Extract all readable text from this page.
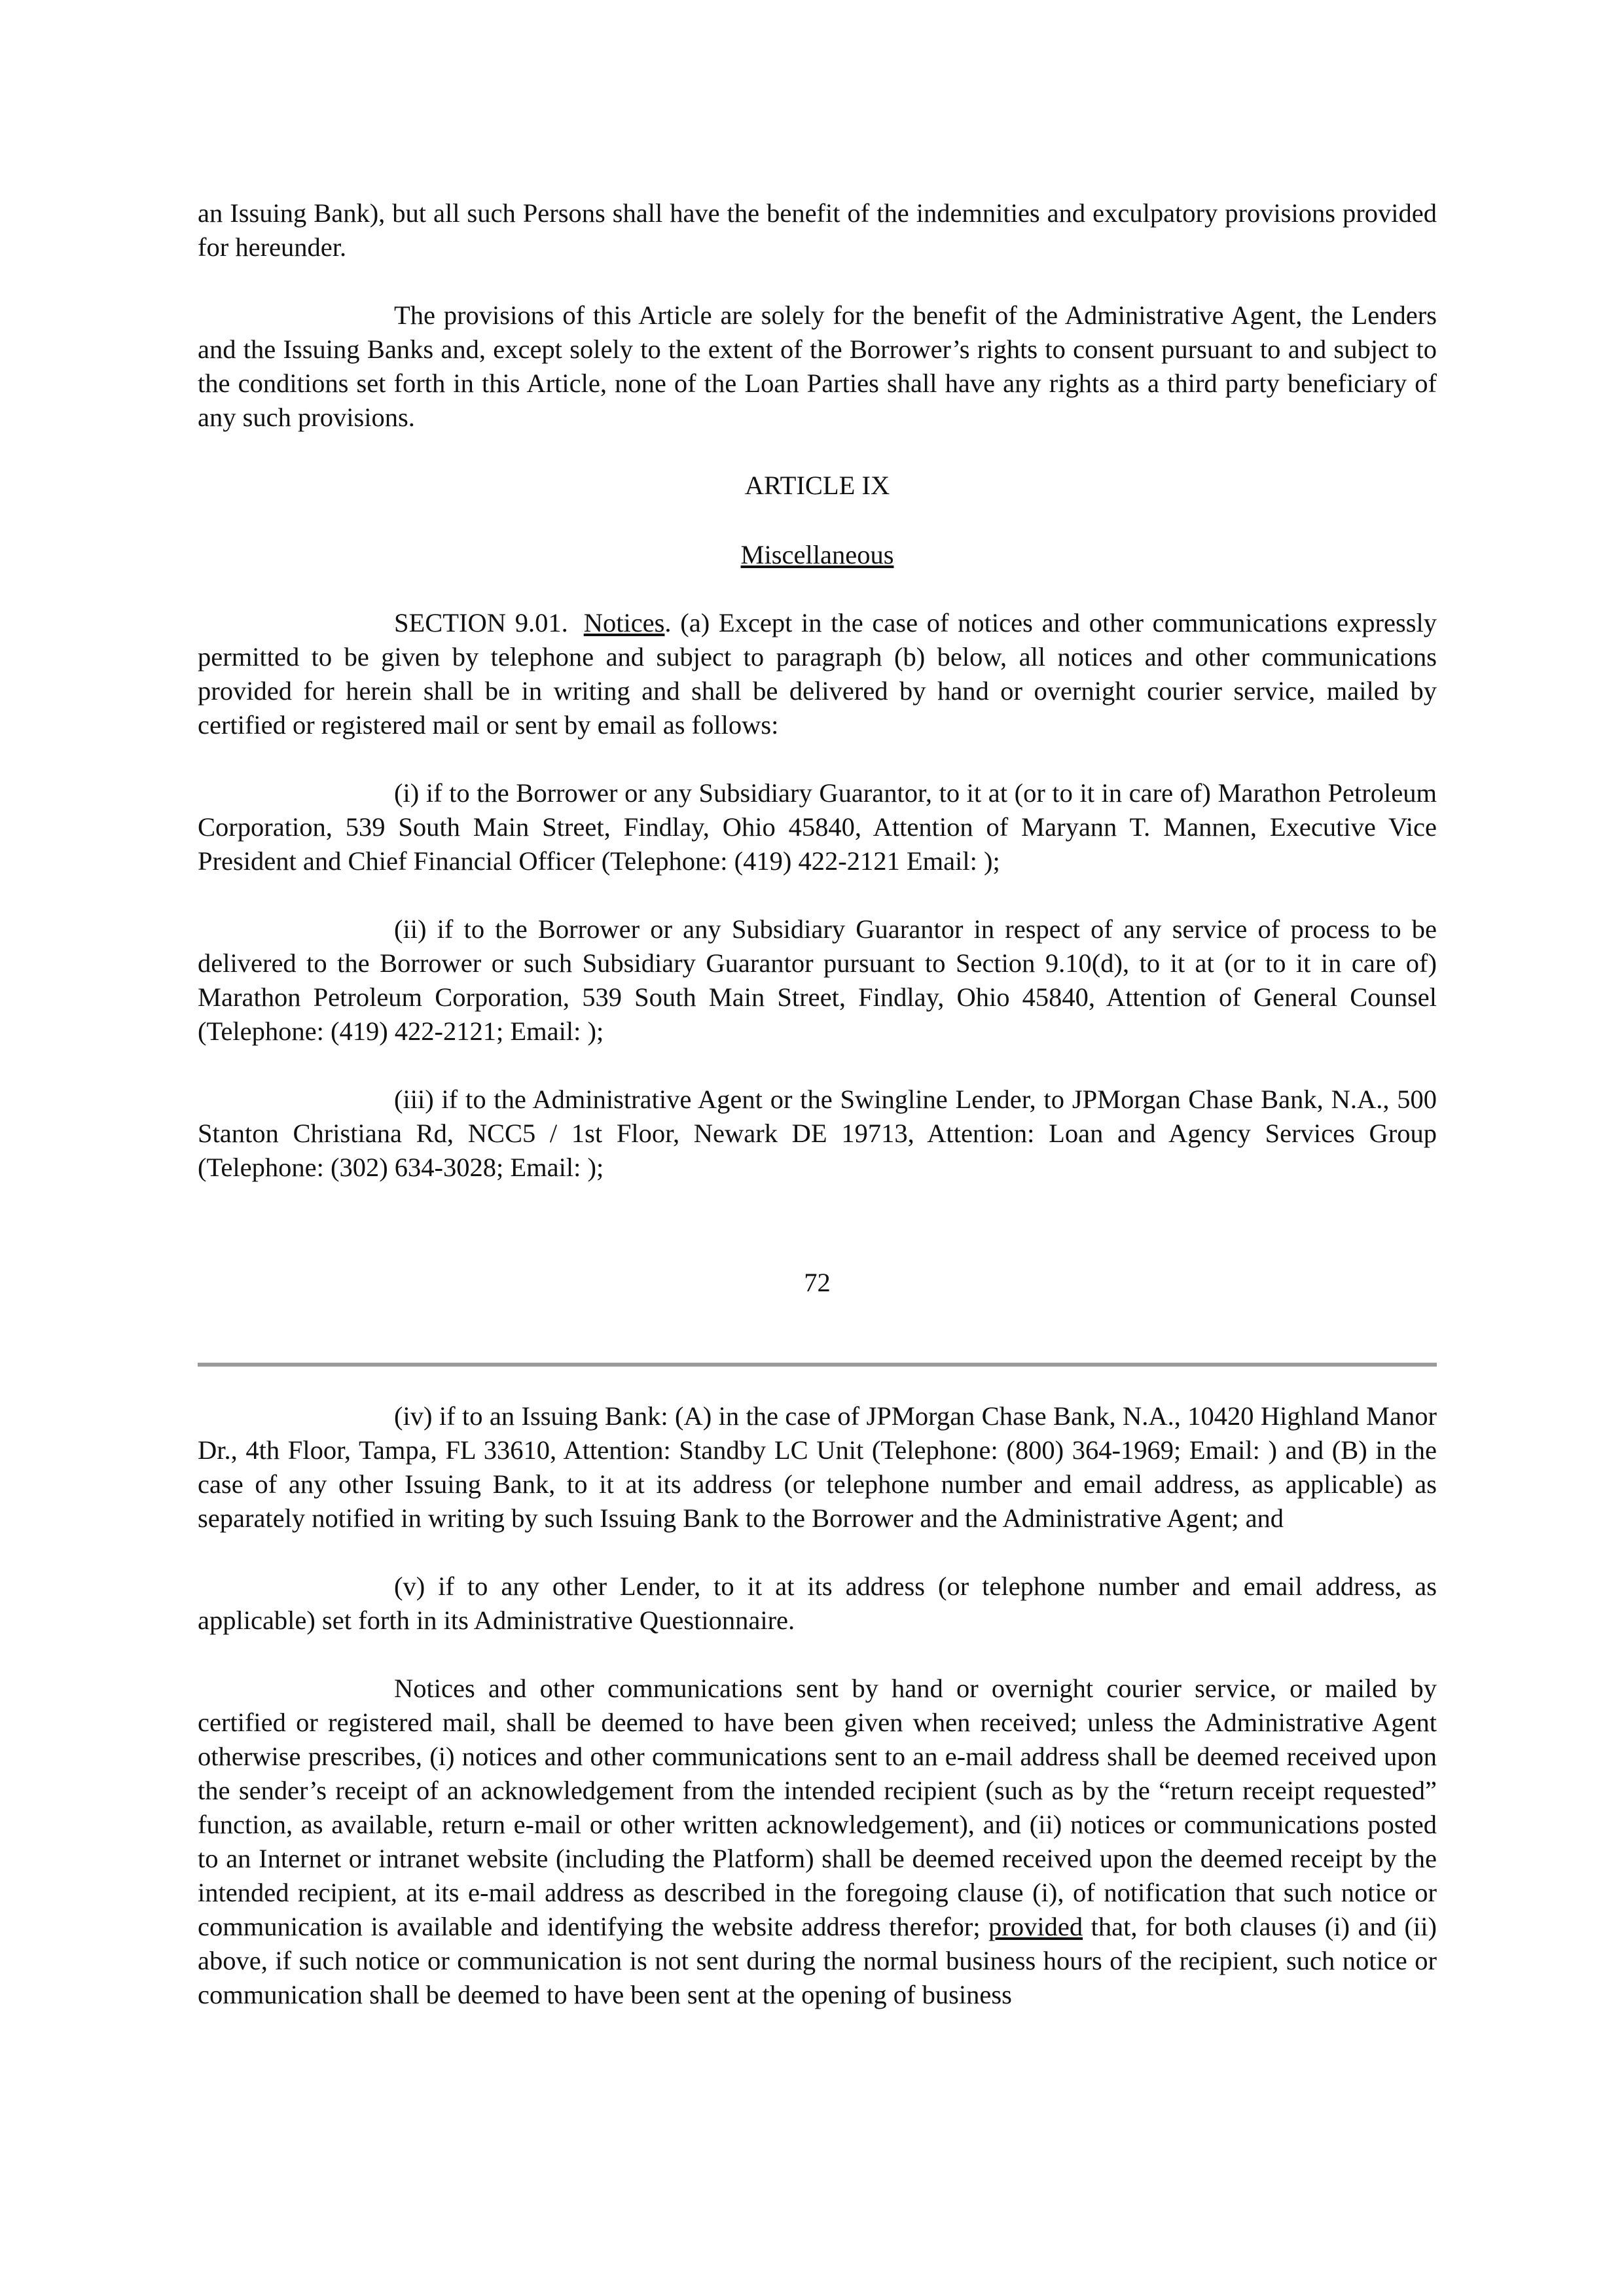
an Issuing Bank), but all such Persons shall have the benefit of the indemnities and exculpatory provisions provided for hereunder.

The provisions of this Article are solely for the benefit of the Administrative Agent, the Lenders and the Issuing Banks and, except solely to the extent of the Borrower’s rights to consent pursuant to and subject to the conditions set forth in this Article, none of the Loan Parties shall have any rights as a third party beneficiary of any such provisions.

ARTICLE IX

Miscellaneous

SECTION 9.01. Notices. (a) Except in the case of notices and other communications expressly permitted to be given by telephone and subject to paragraph (b) below, all notices and other communications provided for herein shall be in writing and shall be delivered by hand or overnight courier service, mailed by certified or registered mail or sent by email as follows:

(i) if to the Borrower or any Subsidiary Guarantor, to it at (or to it in care of) Marathon Petroleum Corporation, 539 South Main Street, Findlay, Ohio 45840, Attention of Maryann T. Mannen, Executive Vice President and Chief Financial Officer (Telephone: (419) 422-2121 Email: );

(ii) if to the Borrower or any Subsidiary Guarantor in respect of any service of process to be delivered to the Borrower or such Subsidiary Guarantor pursuant to Section 9.10(d), to it at (or to it in care of) Marathon Petroleum Corporation, 539 South Main Street, Findlay, Ohio 45840, Attention of General Counsel (Telephone: (419) 422-2121; Email: );

(iii) if to the Administrative Agent or the Swingline Lender, to JPMorgan Chase Bank, N.A., 500 Stanton Christiana Rd, NCC5 / 1st Floor, Newark DE 19713, Attention: Loan and Agency Services Group (Telephone: (302) 634-3028; Email: );

72

(iv) if to an Issuing Bank: (A) in the case of JPMorgan Chase Bank, N.A., 10420 Highland Manor Dr., 4th Floor, Tampa, FL 33610, Attention: Standby LC Unit (Telephone: (800) 364-1969; Email: ) and (B) in the case of any other Issuing Bank, to it at its address (or telephone number and email address, as applicable) as separately notified in writing by such Issuing Bank to the Borrower and the Administrative Agent; and

(v) if to any other Lender, to it at its address (or telephone number and email address, as applicable) set forth in its Administrative Questionnaire.

Notices and other communications sent by hand or overnight courier service, or mailed by certified or registered mail, shall be deemed to have been given when received; unless the Administrative Agent otherwise prescribes, (i) notices and other communications sent to an e-mail address shall be deemed received upon the sender’s receipt of an acknowledgement from the intended recipient (such as by the “return receipt requested” function, as available, return e-mail or other written acknowledgement), and (ii) notices or communications posted to an Internet or intranet website (including the Platform) shall be deemed received upon the deemed receipt by the intended recipient, at its e-mail address as described in the foregoing clause (i), of notification that such notice or communication is available and identifying the website address therefor; provided that, for both clauses (i) and (ii) above, if such notice or communication is not sent during the normal business hours of the recipient, such notice or communication shall be deemed to have been sent at the opening of business
